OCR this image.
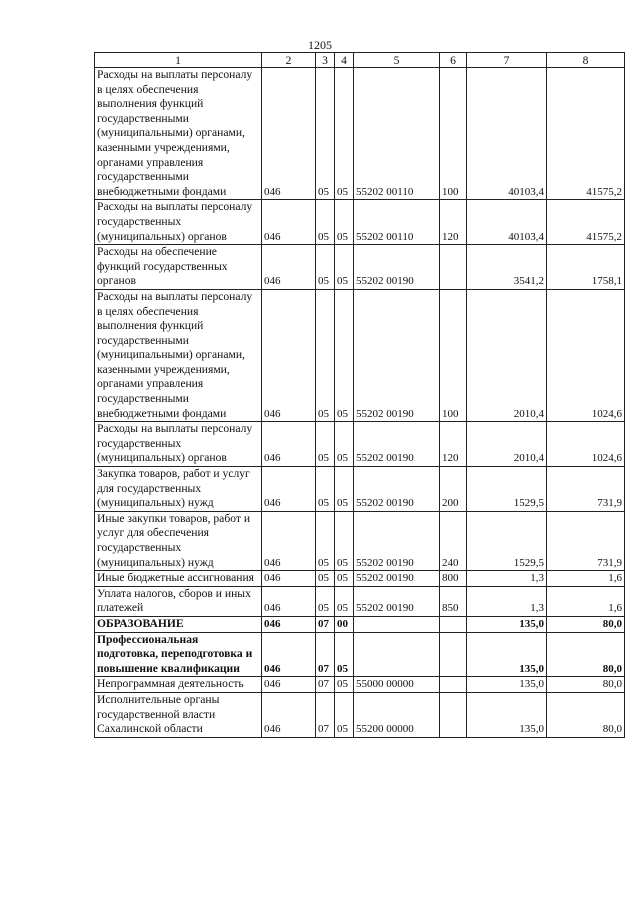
1205
1	2	3	4	5	6	7	8
Расходы на выплаты персоналу в целях обеспечения выполнения функций государственными (муниципальными) органами, казенными учреждениями, органами управления государственными внебюджетными фондами	046	05	05	55202 00110	100	40103,4	41575,2
Расходы на выплаты персоналу государственных (муниципальных) органов	046	05	05	55202 00110	120	40103,4	41575,2
Расходы на обеспечение функций государственных органов	046	05	05	55202 00190		3541,2	1758,1
Расходы на выплаты персоналу в целях обеспечения выполнения функций государственными (муниципальными) органами, казенными учреждениями, органами управления государственными внебюджетными фондами	046	05	05	55202 00190	100	2010,4	1024,6
Расходы на выплаты персоналу государственных (муниципальных) органов	046	05	05	55202 00190	120	2010,4	1024,6
Закупка товаров, работ и услуг для государственных (муниципальных) нужд	046	05	05	55202 00190	200	1529,5	731,9
Иные закупки товаров, работ и услуг для обеспечения государственных (муниципальных) нужд	046	05	05	55202 00190	240	1529,5	731,9
Иные бюджетные ассигнования	046	05	05	55202 00190	800	1,3	1,6
Уплата налогов, сборов и иных платежей	046	05	05	55202 00190	850	1,3	1,6
ОБРАЗОВАНИЕ	046	07	00			135,0	80,0
Профессиональная подготовка, переподготовка и повышение квалификации	046	07	05			135,0	80,0
Непрограммная деятельность	046	07	05	55000 00000		135,0	80,0
Исполнительные органы государственной власти Сахалинской области	046	07	05	55200 00000		135,0	80,0
